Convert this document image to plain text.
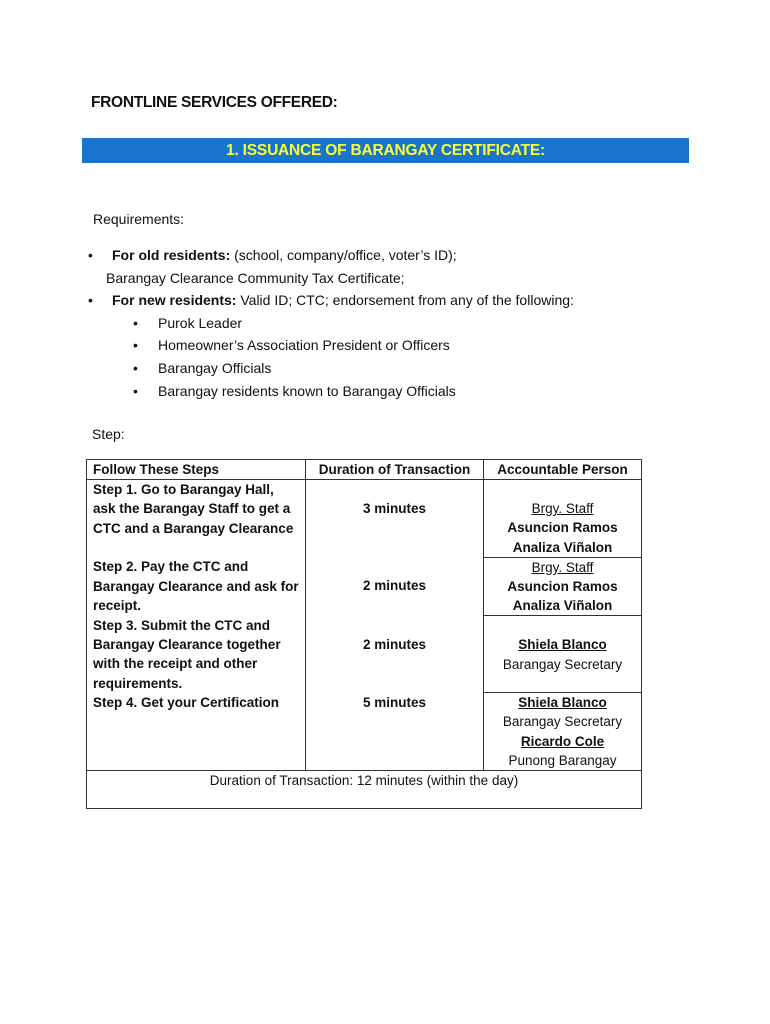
FRONTLINE SERVICES OFFERED:
1. ISSUANCE OF BARANGAY CERTIFICATE:
Requirements:
• For old residents: (school, company/office, voter’s ID);
Barangay Clearance Community Tax Certificate;
• For new residents: Valid ID; CTC; endorsement from any of the following:
• Purok Leader
• Homeowner’s Association President or Officers
• Barangay Officials
• Barangay residents known to Barangay Officials
Step:
Follow These Steps	Duration of Transaction	Accountable Person
Step 1. Go to Barangay Hall, ask the Barangay Staff to get a CTC and a Barangay Clearance	3 minutes	Brgy. Staff
Asuncion Ramos
Analiza Viñalon

Step 2. Pay the CTC and Barangay Clearance and ask for receipt.	2 minutes	Brgy. Staff
Asuncion Ramos
Analiza Viñalon

Step 3. Submit the CTC and Barangay Clearance together with the receipt and other requirements.	2 minutes	Shiela Blanco
Barangay Secretary

Step 4. Get your Certification	5 minutes	Shiela Blanco
Barangay Secretary
Ricardo Cole
Punong Barangay

Duration of Transaction: 12 minutes (within the day)		
